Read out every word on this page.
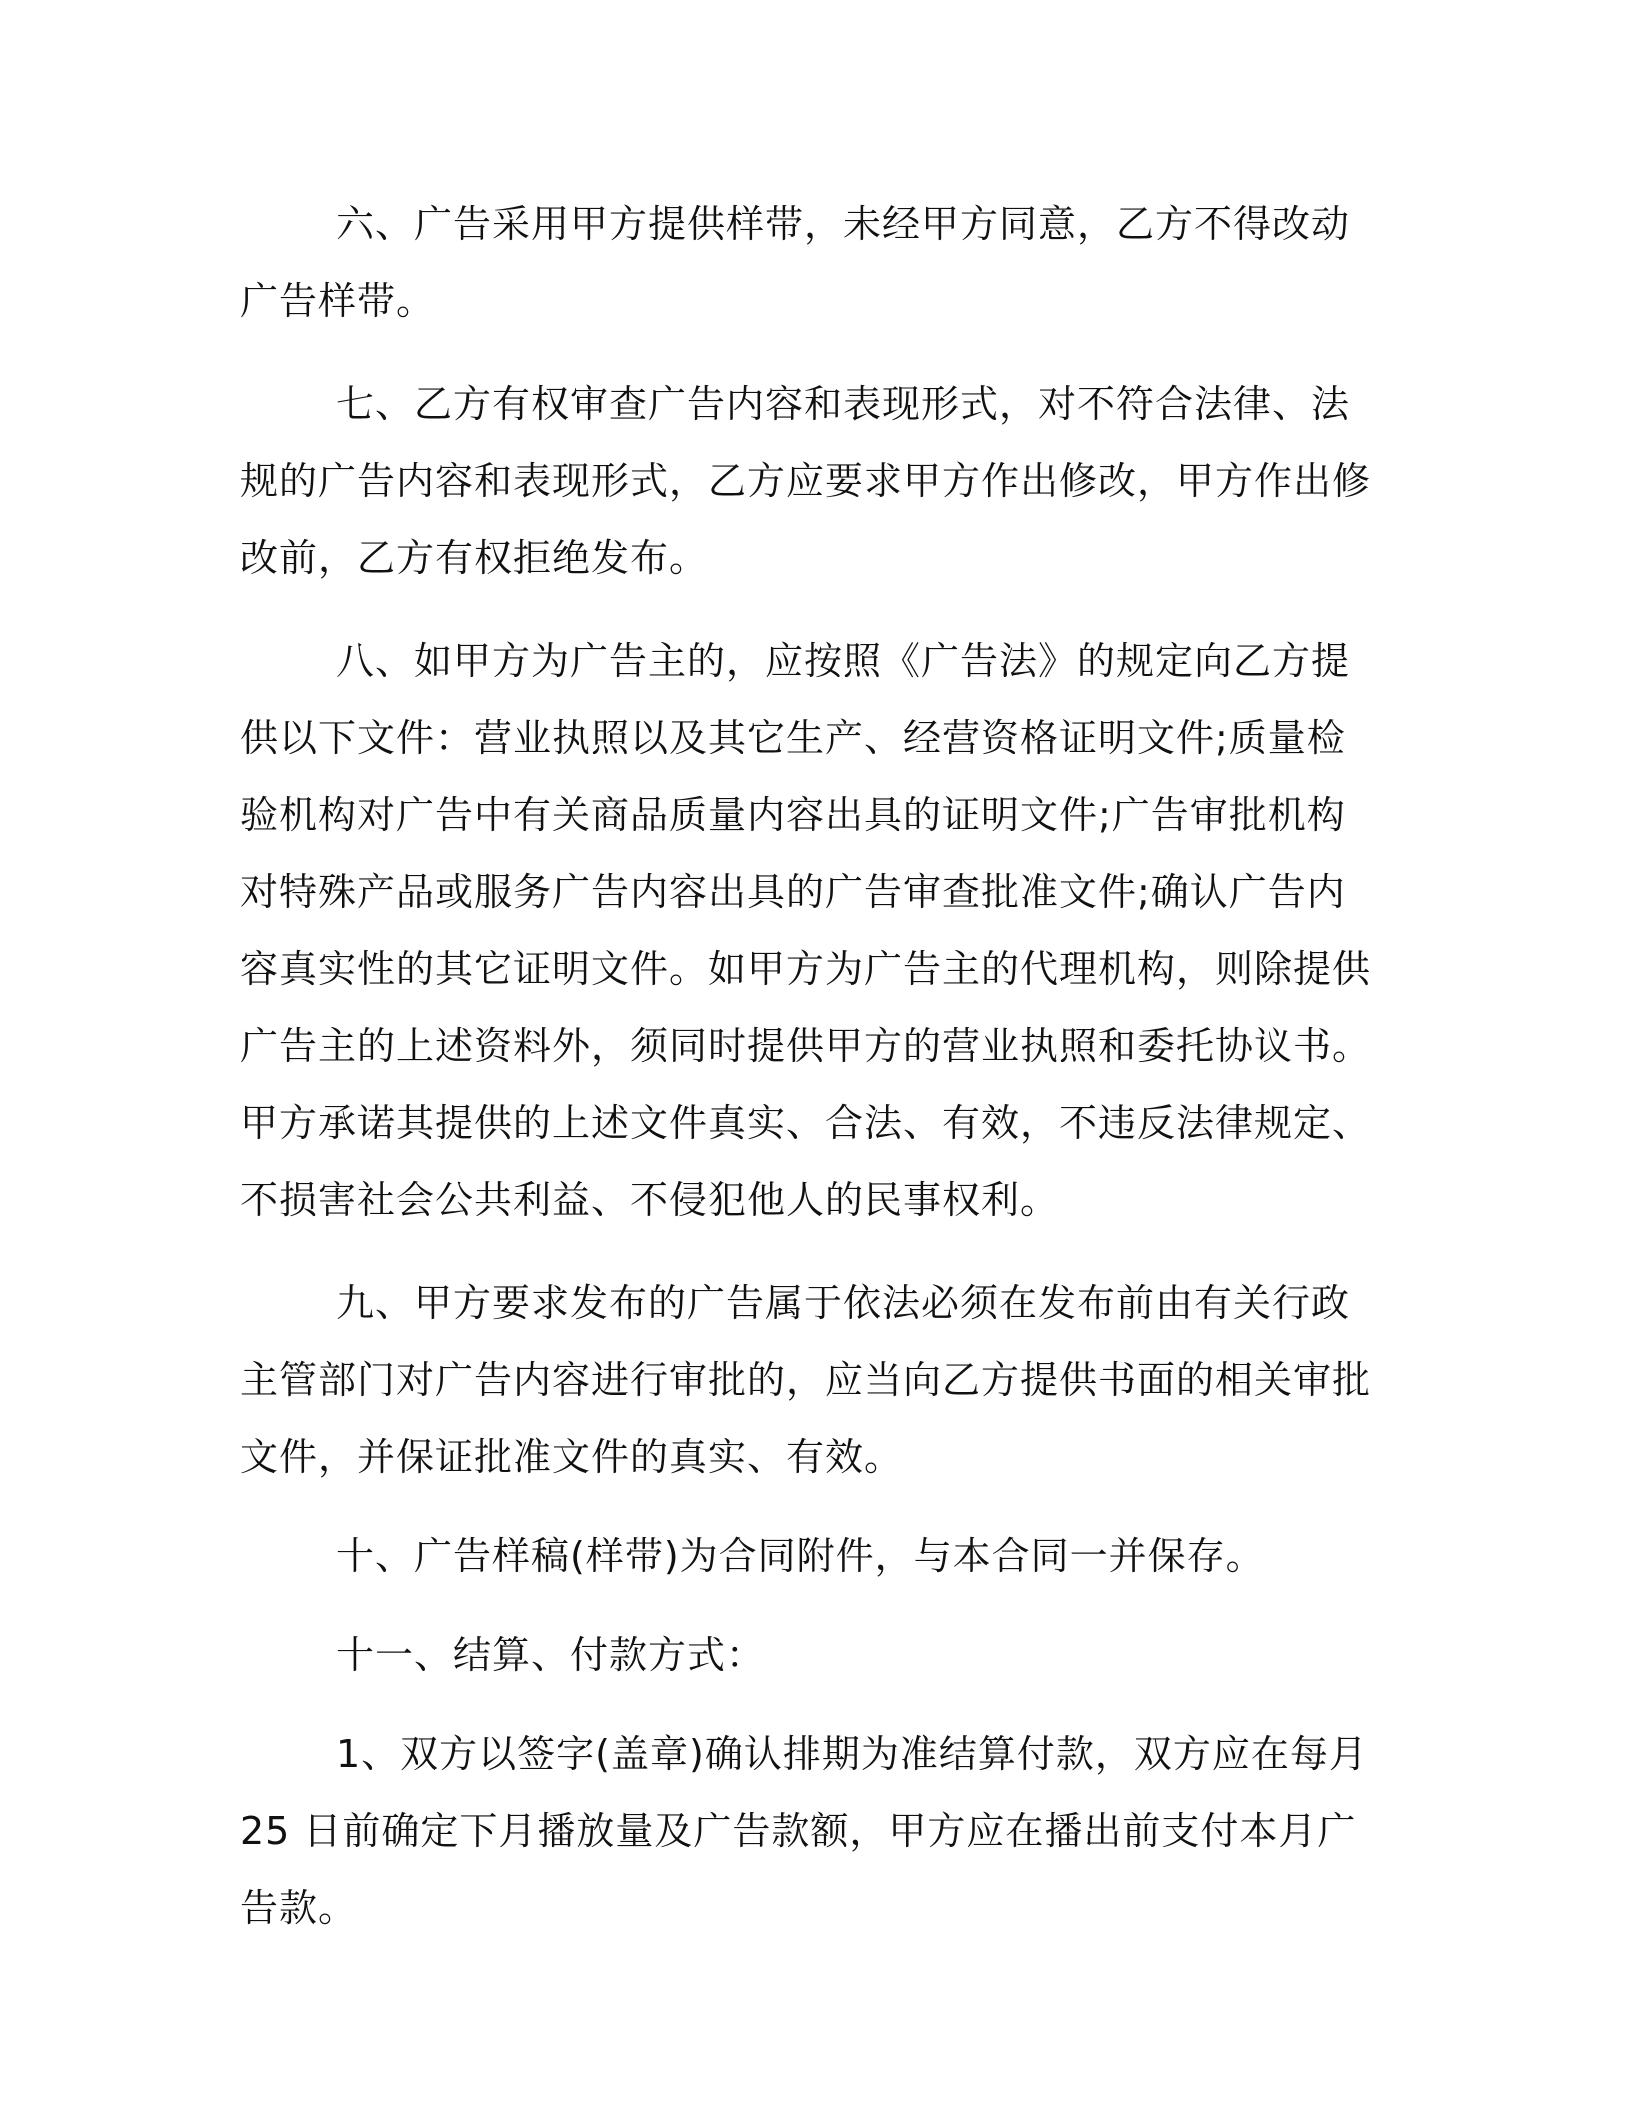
六、广告采用甲方提供样带，未经甲方同意，乙方不得改动广告样带。

七、乙方有权审查广告内容和表现形式，对不符合法律、法规的广告内容和表现形式，乙方应要求甲方作出修改，甲方作出修改前，乙方有权拒绝发布。

八、如甲方为广告主的，应按照《广告法》的规定向乙方提供以下文件：营业执照以及其它生产、经营资格证明文件;质量检验机构对广告中有关商品质量内容出具的证明文件;广告审批机构对特殊产品或服务广告内容出具的广告审查批准文件;确认广告内容真实性的其它证明文件。如甲方为广告主的代理机构，则除提供广告主的上述资料外，须同时提供甲方的营业执照和委托协议书。甲方承诺其提供的上述文件真实、合法、有效，不违反法律规定、不损害社会公共利益、不侵犯他人的民事权利。

九、甲方要求发布的广告属于依法必须在发布前由有关行政主管部门对广告内容进行审批的，应当向乙方提供书面的相关审批文件，并保证批准文件的真实、有效。

十、广告样稿(样带)为合同附件，与本合同一并保存。

十一、结算、付款方式：

1、双方以签字(盖章)确认排期为准结算付款，双方应在每月 25 日前确定下月播放量及广告款额，甲方应在播出前支付本月广告款。
